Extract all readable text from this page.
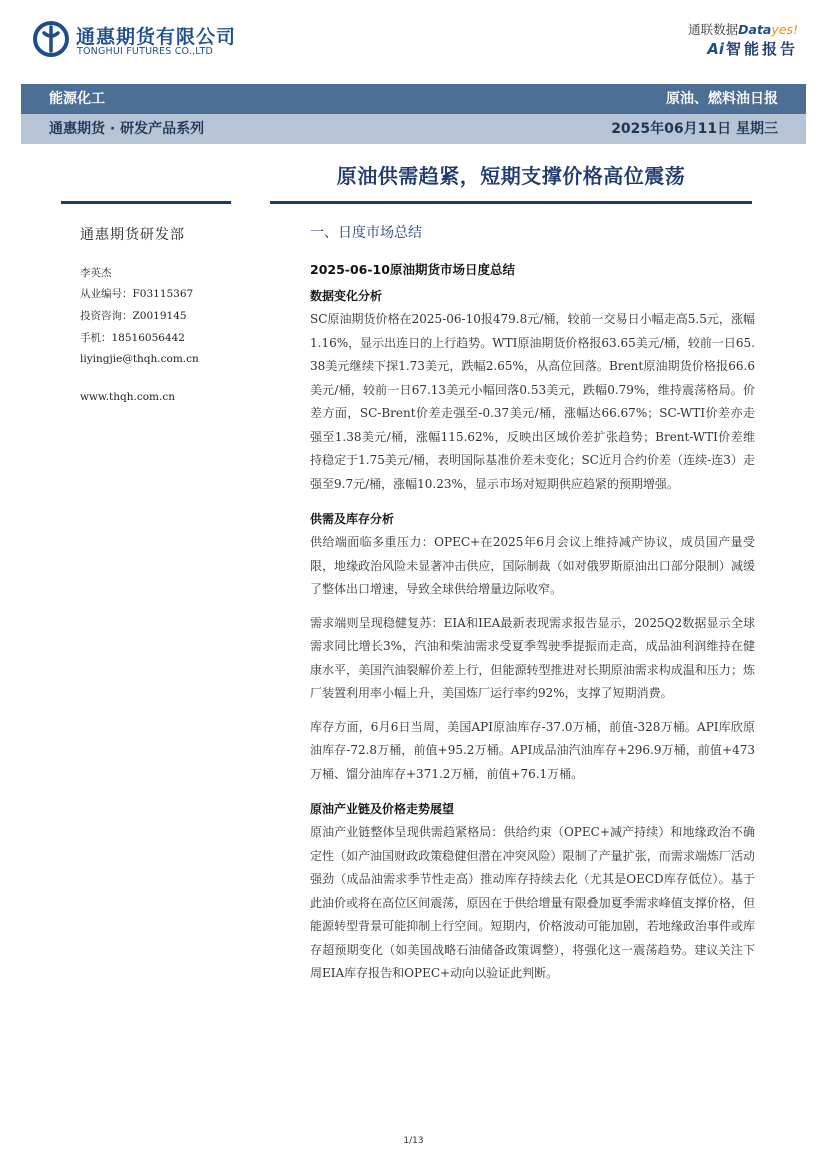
通惠期货有限公司
TONGHUI FUTURES CO.,LTD
通联数据Datayes!
Ai 智能报告
能源化工	原油、燃料油日报
通惠期货 · 研发产品系列	2025年06月11日 星期三
原油供需趋紧，短期支撑价格高位震荡
通惠期货研发部
李英杰
从业编号：F03115367
投资咨询：Z0019145
手机：18516056442
liyingjie@thqh.com.cn
www.thqh.com.cn
一、日度市场总结
2025-06-10原油期货市场日度总结
数据变化分析

SC原油期货价格在2025-06-10报479.8元/桶，较前一交易日小幅走高5.5元，涨幅1.16%，显示出连日的上行趋势。WTI原油期货价格报63.65美元/桶，较前一日65.38美元继续下探1.73美元，跌幅2.65%，从高位回落。Brent原油期货价格报66.6美元/桶，较前一日67.13美元小幅回落0.53美元，跌幅0.79%，维持震荡格局。价差方面，SC-Brent价差走强至-0.37美元/桶，涨幅达66.67%；SC-WTI价差亦走强至1.38美元/桶，涨幅115.62%，反映出区域价差扩张趋势；Brent-WTI价差维持稳定于1.75美元/桶，表明国际基准价差未变化；SC近月合约价差（连续-连3）走强至9.7元/桶，涨幅10.23%，显示市场对短期供应趋紧的预期增强。

供需及库存分析

供给端面临多重压力：OPEC+在2025年6月会议上维持减产协议，成员国产量受限，地缘政治风险未显著冲击供应，国际制裁（如对俄罗斯原油出口部分限制）减缓了整体出口增速，导致全球供给增量边际收窄。

需求端则呈现稳健复苏：EIA和IEA最新表现需求报告显示，2025Q2数据显示全球需求同比增长3%，汽油和柴油需求受夏季驾驶季提振而走高，成品油利润维持在健康水平，美国汽油裂解价差上行，但能源转型推进对长期原油需求构成温和压力；炼厂装置利用率小幅上升，美国炼厂运行率约92%，支撑了短期消费。

库存方面，6月6日当周，美国API原油库存-37.0万桶，前值-328万桶。API库欣原油库存-72.8万桶，前值+95.2万桶。API成品油汽油库存+296.9万桶，前值+473万桶、馏分油库存+371.2万桶，前值+76.1万桶。

原油产业链及价格走势展望

原油产业链整体呈现供需趋紧格局：供给约束（OPEC+减产持续）和地缘政治不确定性（如产油国财政政策稳健但潜在冲突风险）限制了产量扩张，而需求端炼厂活动强劲（成品油需求季节性走高）推动库存持续去化（尤其是OECD库存低位）。基于此油价或将在高位区间震荡，原因在于供给增量有限叠加夏季需求峰值支撑价格，但能源转型背景可能抑制上行空间。短期内，价格波动可能加剧，若地缘政治事件或库存超预期变化（如美国战略石油储备政策调整），将强化这一震荡趋势。建议关注下周EIA库存报告和OPEC+动向以验证此判断。

1/13
